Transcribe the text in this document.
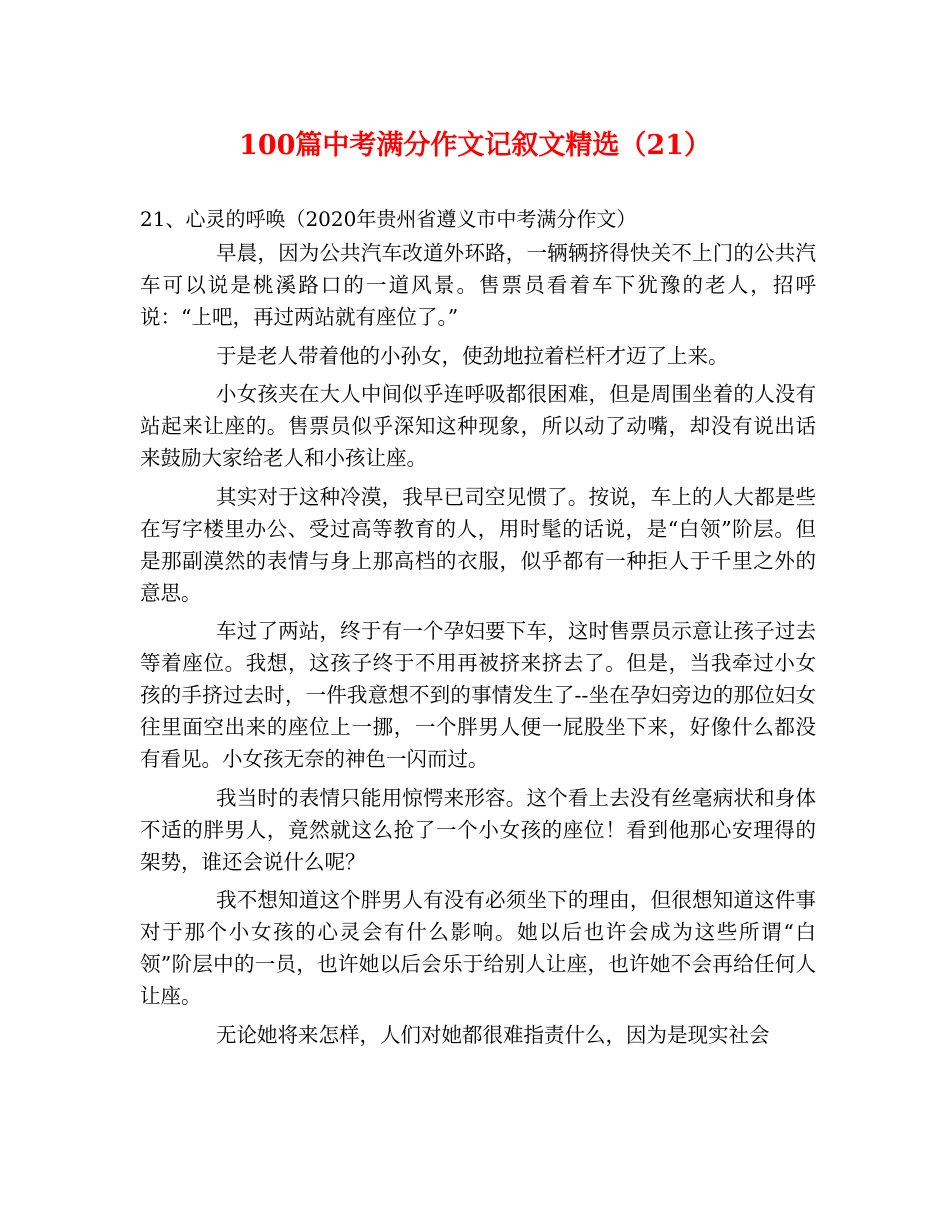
100篇中考满分作文记叙文精选（21）

21、心灵的呼唤（2020年贵州省遵义市中考满分作文）

早晨，因为公共汽车改道外环路，一辆辆挤得快关不上门的公共汽车可以说是桃溪路口的一道风景。售票员看着车下犹豫的老人，招呼说：“上吧，再过两站就有座位了。”

于是老人带着他的小孙女，使劲地拉着栏杆才迈了上来。

小女孩夹在大人中间似乎连呼吸都很困难，但是周围坐着的人没有站起来让座的。售票员似乎深知这种现象，所以动了动嘴，却没有说出话来鼓励大家给老人和小孩让座。

其实对于这种冷漠，我早已司空见惯了。按说，车上的人大都是些在写字楼里办公、受过高等教育的人，用时髦的话说，是“白领”阶层。但是那副漠然的表情与身上那高档的衣服，似乎都有一种拒人于千里之外的意思。

车过了两站，终于有一个孕妇要下车，这时售票员示意让孩子过去等着座位。我想，这孩子终于不用再被挤来挤去了。但是，当我牵过小女孩的手挤过去时，一件我意想不到的事情发生了--坐在孕妇旁边的那位妇女往里面空出来的座位上一挪，一个胖男人便一屁股坐下来，好像什么都没有看见。小女孩无奈的神色一闪而过。

我当时的表情只能用惊愕来形容。这个看上去没有丝毫病状和身体不适的胖男人，竟然就这么抢了一个小女孩的座位！看到他那心安理得的架势，谁还会说什么呢？

我不想知道这个胖男人有没有必须坐下的理由，但很想知道这件事对于那个小女孩的心灵会有什么影响。她以后也许会成为这些所谓“白领”阶层中的一员，也许她以后会乐于给别人让座，也许她不会再给任何人让座。

无论她将来怎样，人们对她都很难指责什么，因为是现实社会
